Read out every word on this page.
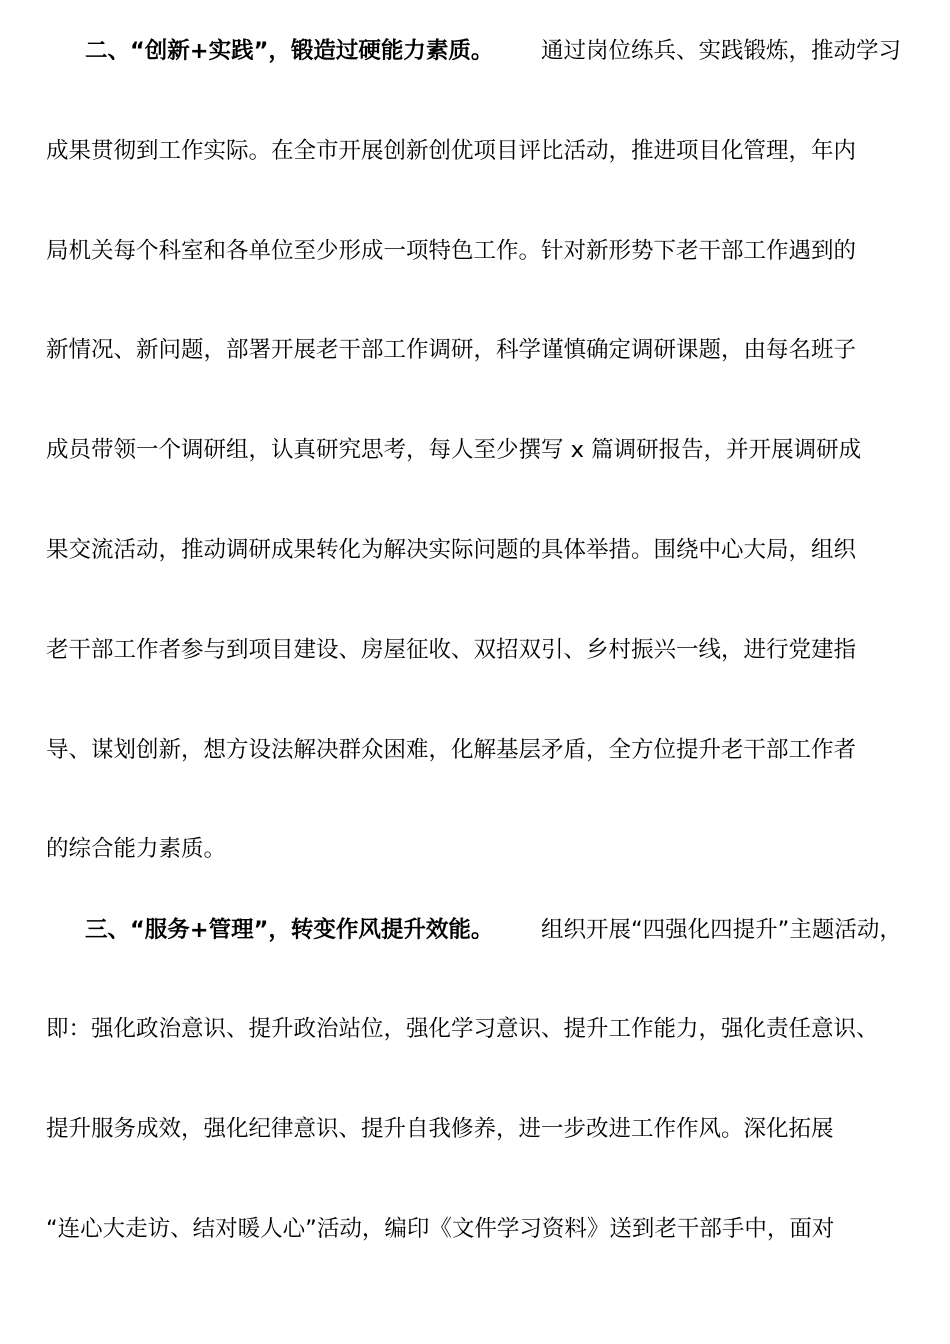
二、“创新+实践”，锻造过硬能力素质。 通过岗位练兵、实践锻炼，推动学习
成果贯彻到工作实际。在全市开展创新创优项目评比活动，推进项目化管理，年内
局机关每个科室和各单位至少形成一项特色工作。针对新形势下老干部工作遇到的
新情况、新问题，部署开展老干部工作调研，科学谨慎确定调研课题，由每名班子
成员带领一个调研组，认真研究思考，每人至少撰写 x 篇调研报告，并开展调研成
果交流活动，推动调研成果转化为解决实际问题的具体举措。围绕中心大局，组织
老干部工作者参与到项目建设、房屋征收、双招双引、乡村振兴一线，进行党建指
导、谋划创新，想方设法解决群众困难，化解基层矛盾，全方位提升老干部工作者
的综合能力素质。
三、“服务+管理”，转变作风提升效能。 组织开展“四强化四提升”主题活动，
即：强化政治意识、提升政治站位，强化学习意识、提升工作能力，强化责任意识、
提升服务成效，强化纪律意识、提升自我修养，进一步改进工作作风。深化拓展
“连心大走访、结对暖人心”活动，编印《文件学习资料》送到老干部手中，面对
